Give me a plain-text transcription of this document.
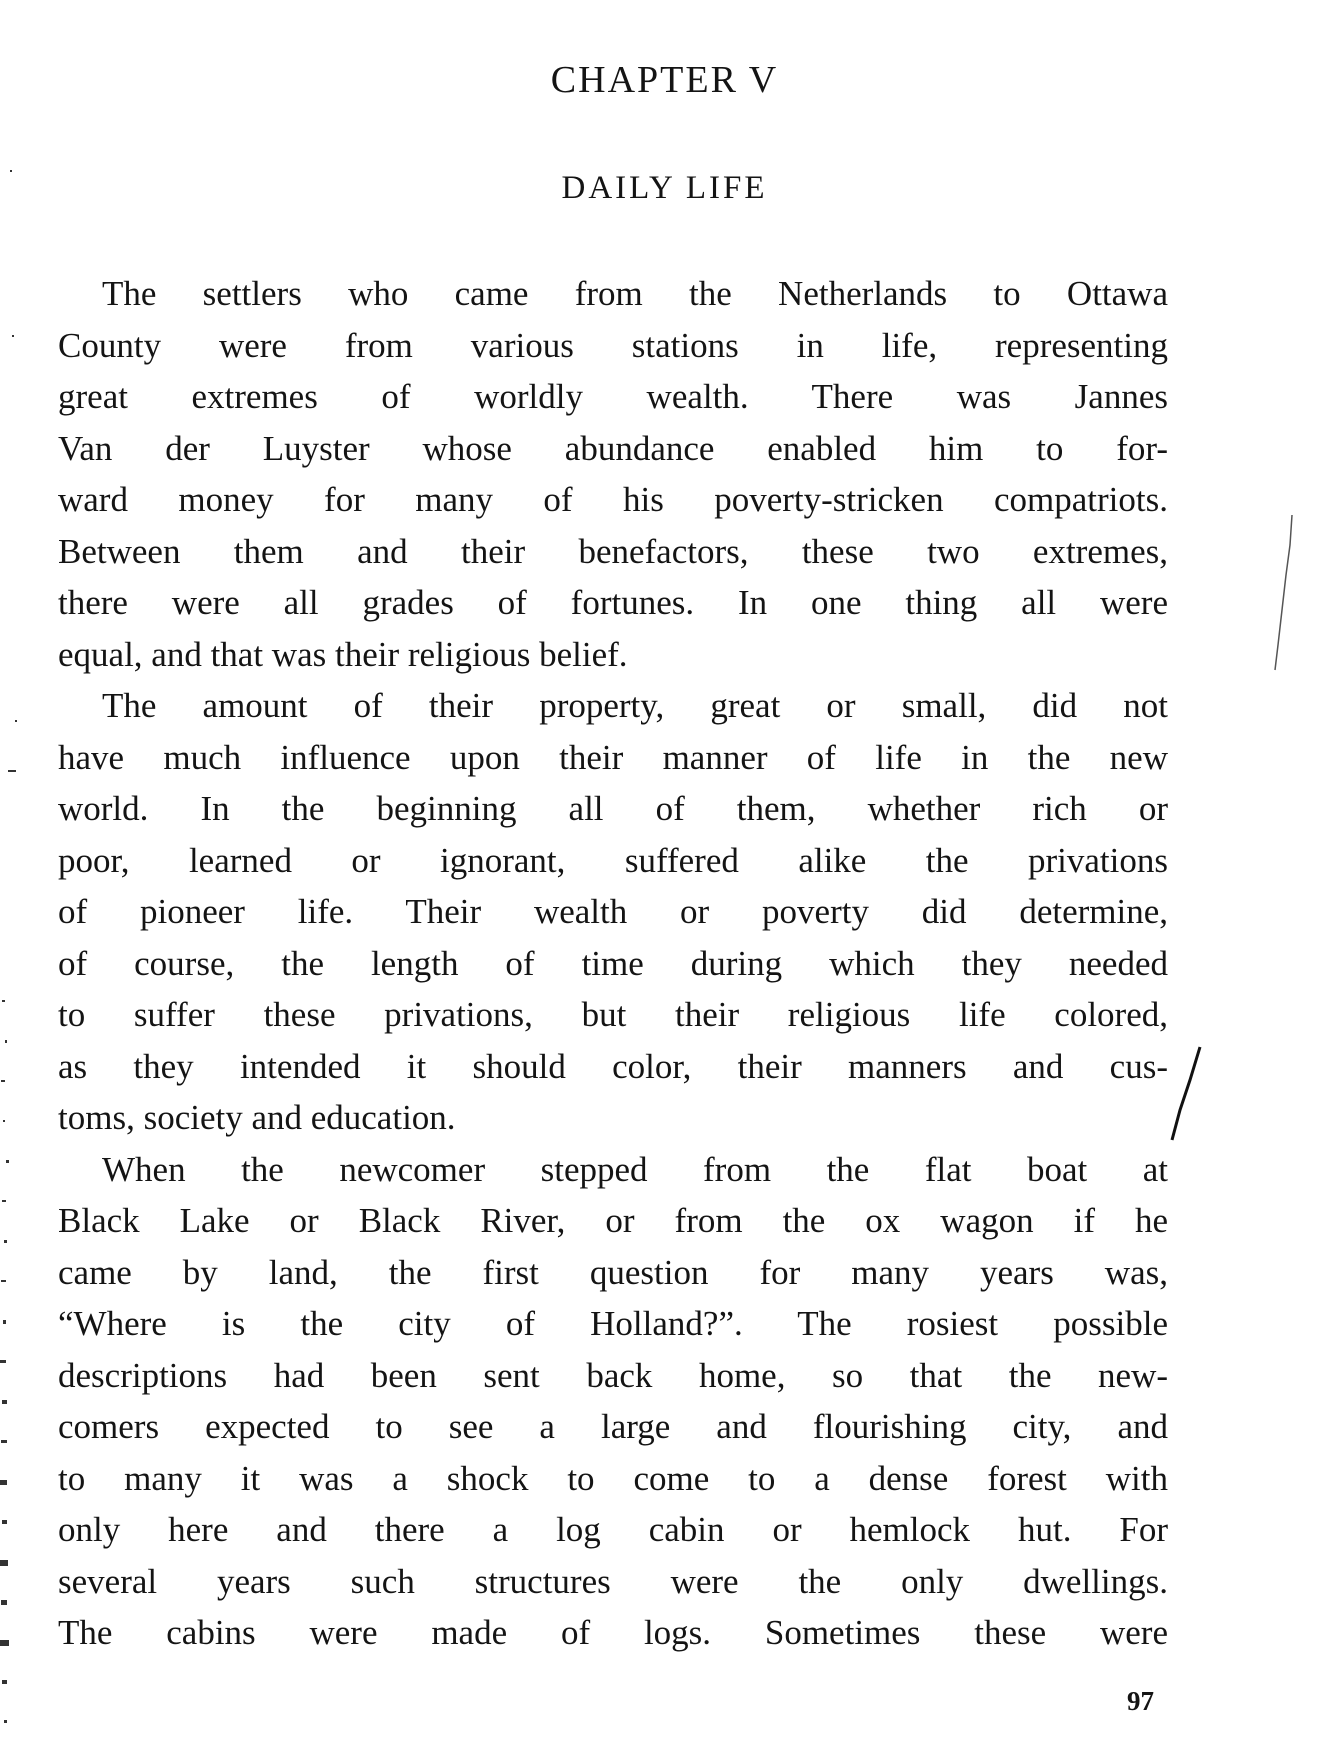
CHAPTER V
DAILY LIFE
The settlers who came from the Netherlands to Ottawa
County were from various stations in life, representing
great extremes of worldly wealth. There was Jannes
Van der Luyster whose abundance enabled him to for-
ward money for many of his poverty-stricken compatriots.
Between them and their benefactors, these two extremes,
there were all grades of fortunes. In one thing all were
equal, and that was their religious belief.
The amount of their property, great or small, did not
have much influence upon their manner of life in the new
world. In the beginning all of them, whether rich or
poor, learned or ignorant, suffered alike the privations
of pioneer life. Their wealth or poverty did determine,
of course, the length of time during which they needed
to suffer these privations, but their religious life colored,
as they intended it should color, their manners and cus-
toms, society and education.
When the newcomer stepped from the flat boat at
Black Lake or Black River, or from the ox wagon if he
came by land, the first question for many years was,
“Where is the city of Holland?”. The rosiest possible
descriptions had been sent back home, so that the new-
comers expected to see a large and flourishing city, and
to many it was a shock to come to a dense forest with
only here and there a log cabin or hemlock hut. For
several years such structures were the only dwellings.
The cabins were made of logs. Sometimes these were
97
